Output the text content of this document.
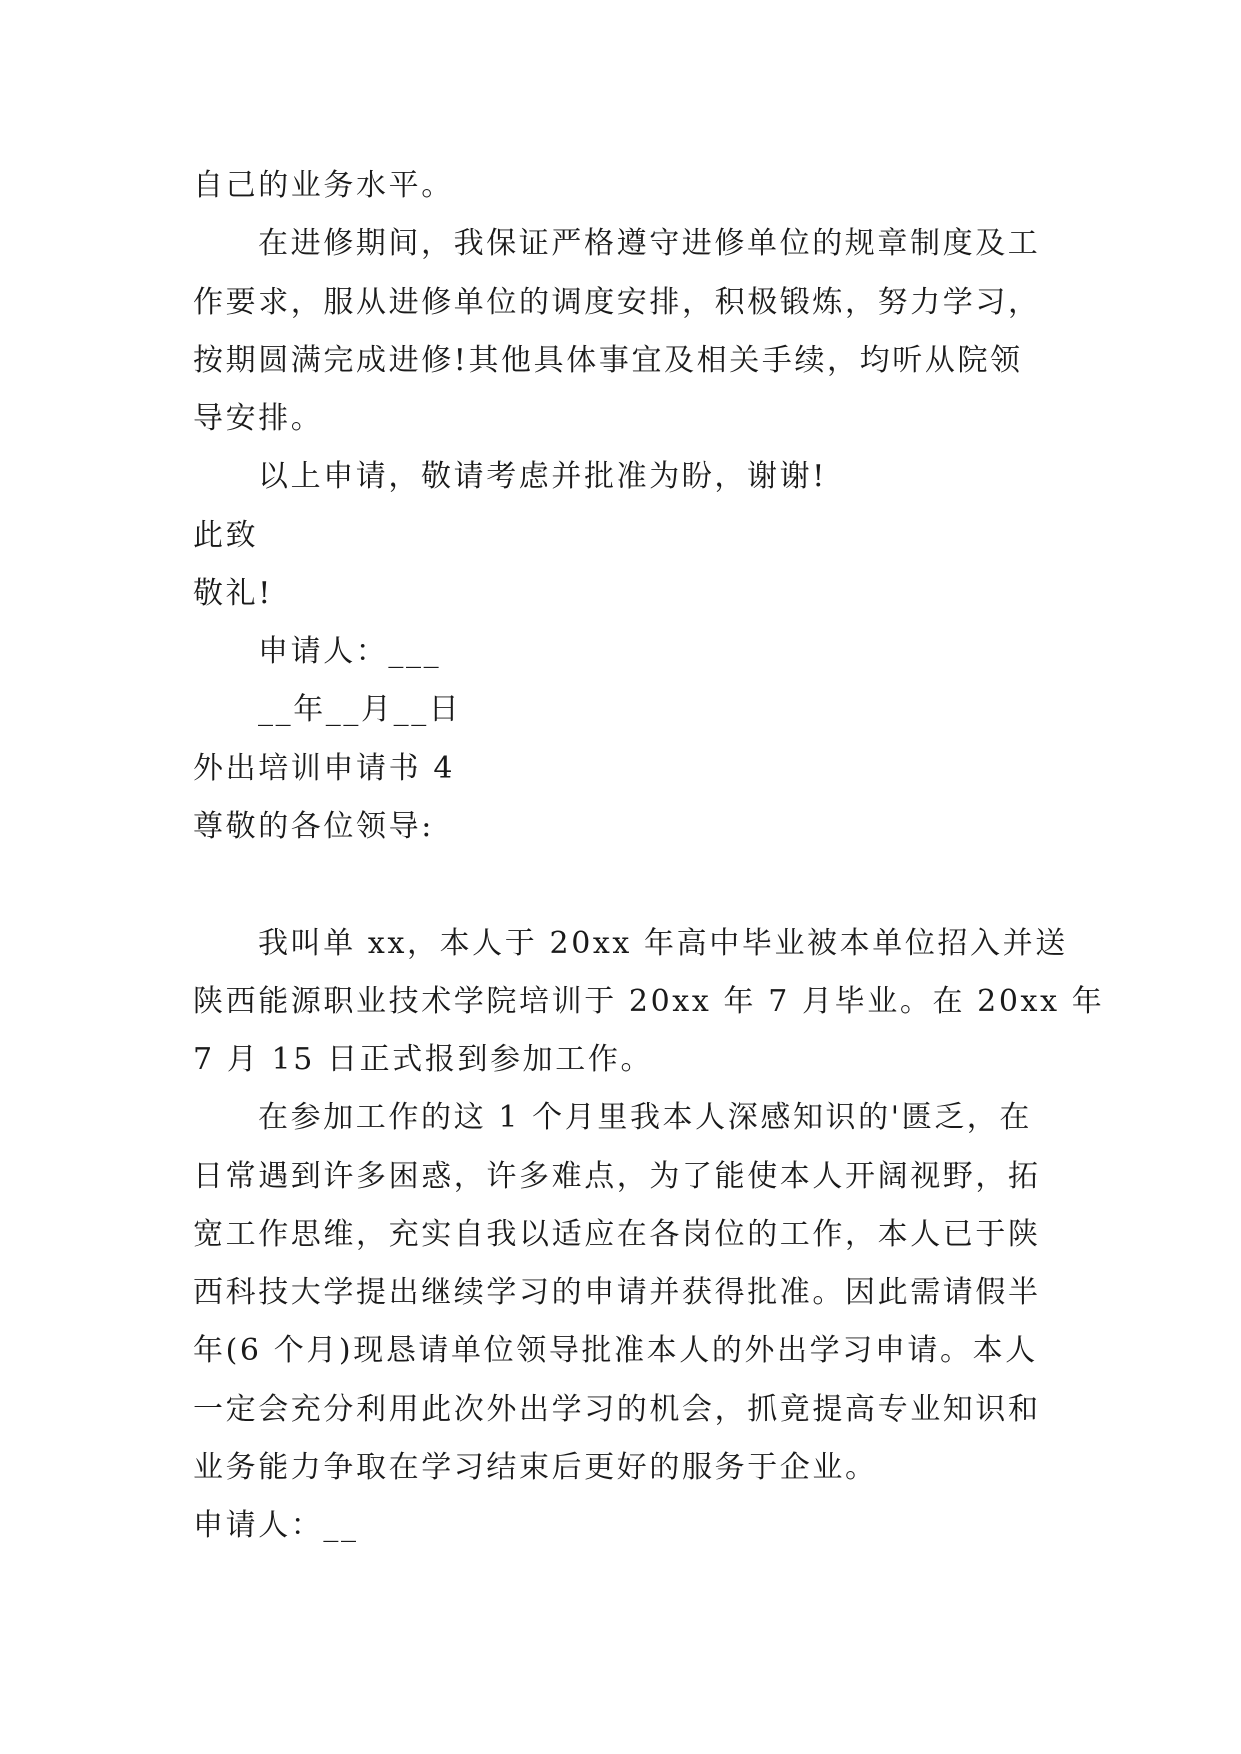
自己的业务水平。
在进修期间，我保证严格遵守进修单位的规章制度及工
作要求，服从进修单位的调度安排，积极锻炼，努力学习，
按期圆满完成进修!其他具体事宜及相关手续，均听从院领
导安排。
以上申请，敬请考虑并批准为盼，谢谢!
此致
敬礼!
申请人：___
__年__月__日
外出培训申请书 4
尊敬的各位领导:
我叫单 xx，本人于 20xx 年高中毕业被本单位招入并送
陕西能源职业技术学院培训于 20xx 年 7 月毕业。在 20xx 年
7 月 15 日正式报到参加工作。
在参加工作的这 1 个月里我本人深感知识的'匮乏，在
日常遇到许多困惑，许多难点，为了能使本人开阔视野，拓
宽工作思维，充实自我以适应在各岗位的工作，本人已于陕
西科技大学提出继续学习的申请并获得批准。因此需请假半
年(6 个月)现恳请单位领导批准本人的外出学习申请。本人
一定会充分利用此次外出学习的机会，抓竟提高专业知识和
业务能力争取在学习结束后更好的服务于企业。
申请人：__
